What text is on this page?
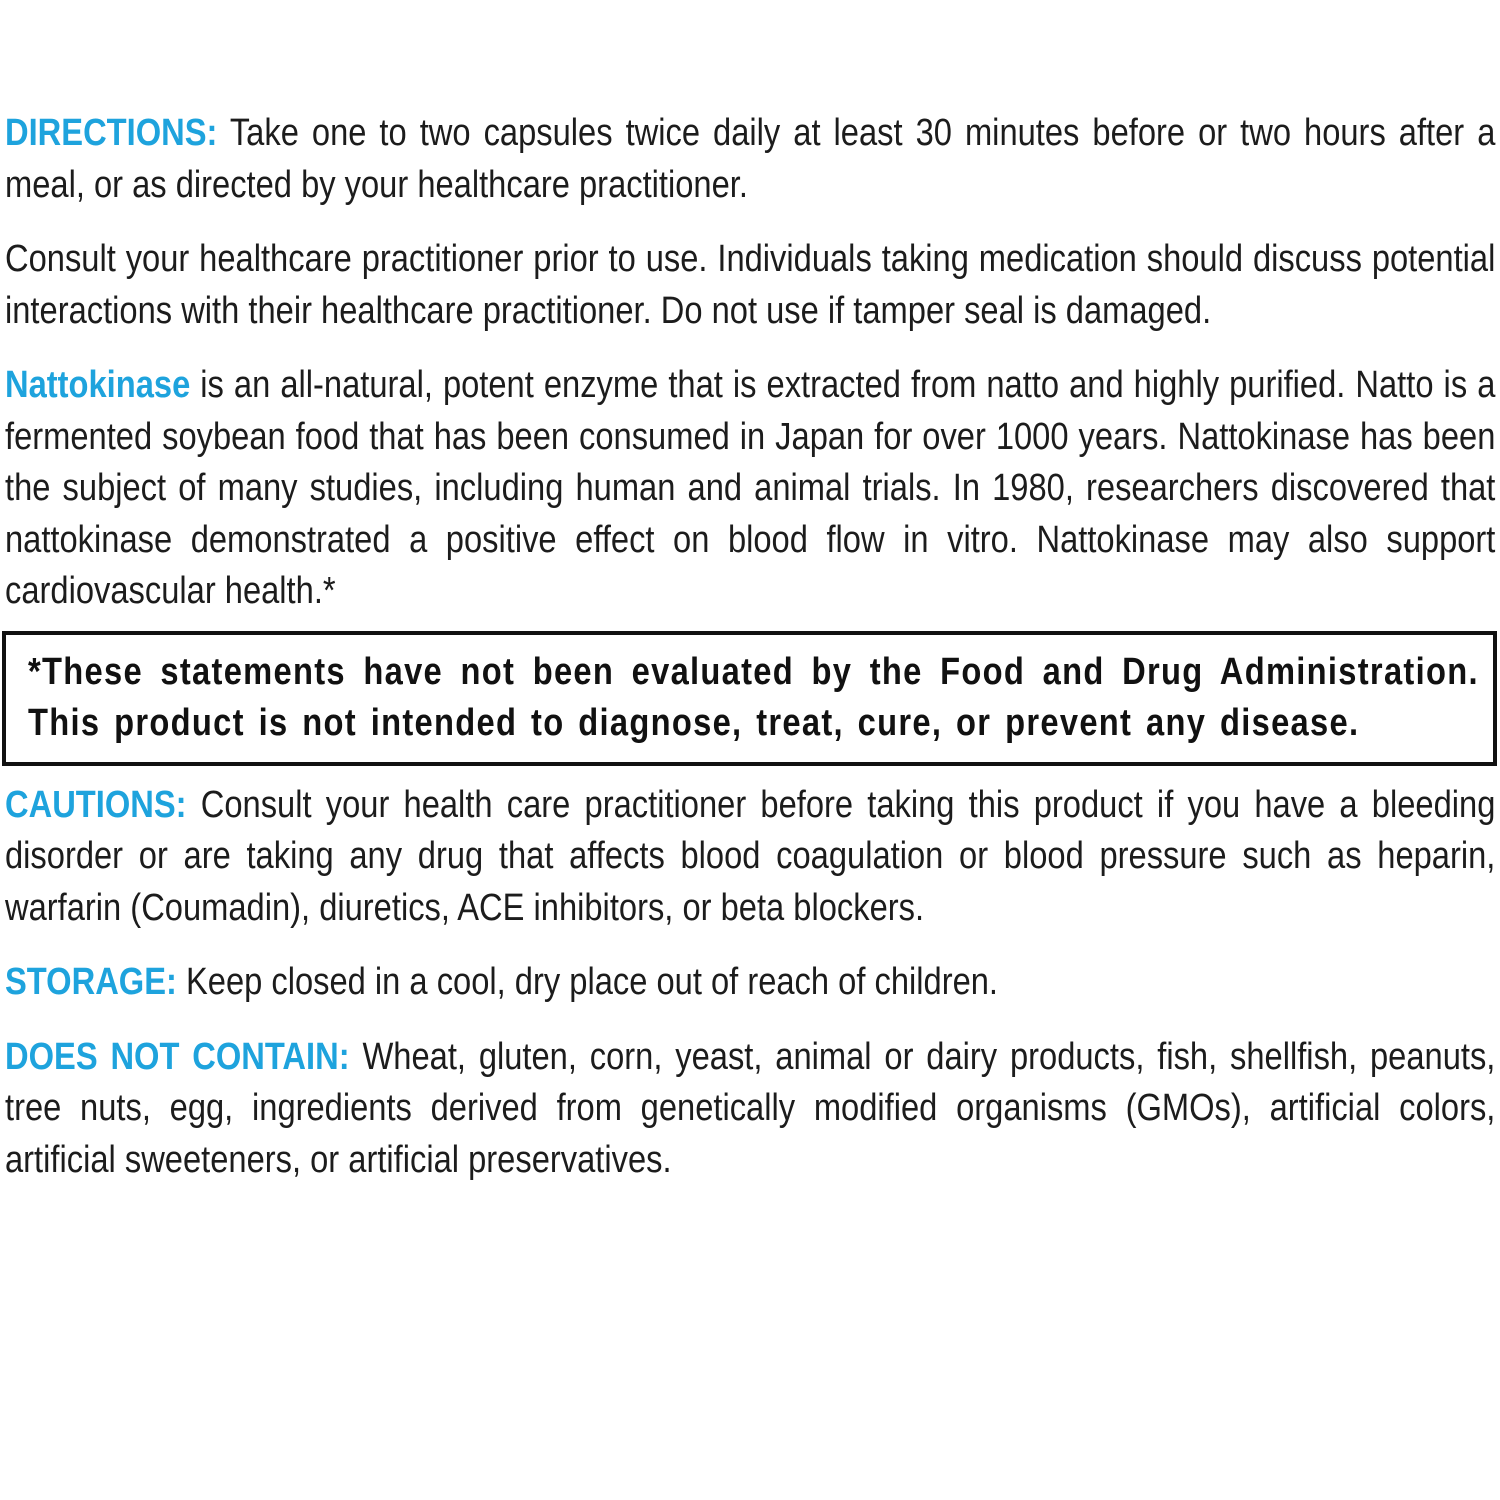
DIRECTIONS: Take one to two capsules twice daily at least 30 minutes before or two hours after a meal, or as directed by your healthcare practitioner.

Consult your healthcare practitioner prior to use. Individuals taking medication should discuss potential interactions with their healthcare practitioner. Do not use if tamper seal is damaged.

Nattokinase is an all-natural, potent enzyme that is extracted from natto and highly purified. Natto is a fermented soybean food that has been consumed in Japan for over 1000 years. Nattokinase has been the subject of many studies, including human and animal trials. In 1980, researchers discovered that nattokinase demonstrated a positive effect on blood flow in vitro. Nattokinase may also support cardiovascular health.*

*These statements have not been evaluated by the Food and Drug Administration. This product is not intended to diagnose, treat, cure, or prevent any disease.

CAUTIONS: Consult your health care practitioner before taking this product if you have a bleeding disorder or are taking any drug that affects blood coagulation or blood pressure such as heparin, warfarin (Coumadin), diuretics, ACE inhibitors, or beta blockers.

STORAGE: Keep closed in a cool, dry place out of reach of children.

DOES NOT CONTAIN: Wheat, gluten, corn, yeast, animal or dairy products, fish, shellfish, peanuts, tree nuts, egg, ingredients derived from genetically modified organisms (GMOs), artificial colors, artificial sweeteners, or artificial preservatives.
